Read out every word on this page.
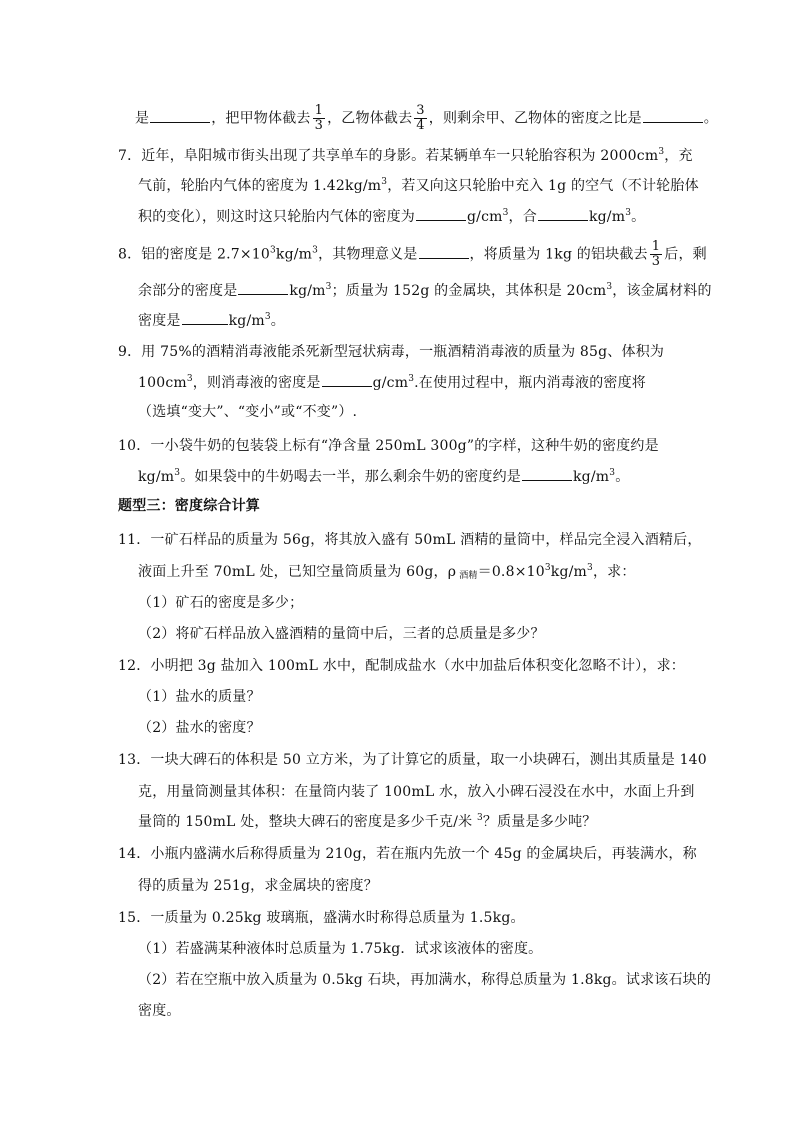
是	，把甲物体截去 $\frac{1}{3}$ ，乙物体截去 $\frac{3}{4}$ ，则剩余甲、乙物体的密度之比是	。
7．近年，阜阳城市街头出现了共享单车的身影。若某辆单车一只轮胎容积为 $2000cm^3$，充
气前，轮胎内气体的密度为 $1.42kg/m^3$，若又向这只轮胎中充入 1g 的空气（不计轮胎体
积的变化），则这时这只轮胎内气体的密度为	$g/cm^3$，合	$kg/m^3$。
8．铝的密度是 $2.7\times 10^3kg/m^3$，其物理意义是	，将质量为 1kg 的铝块截去 $\frac{1}{3}$ 后，剩
余部分的密度是	$kg/m^3$；质量为 152g 的金属块，其体积是 $20cm^3$，该金属材料的
密度是	$kg/m^3$。
9．用 75%的酒精消毒液能杀死新型冠状病毒，一瓶酒精消毒液的质量为 85g、体积为
$100cm^3$，则消毒液的密度是	$g/cm^3$.在使用过程中，瓶内消毒液的密度将
（选填“变大”、“变小”或“不变”）.
10．一小袋牛奶的包装袋上标有“净含量 250mL 300g”的字样，这种牛奶的密度约是
$kg/m^3$。如果袋中的牛奶喝去一半，那么剩余牛奶的密度约是	$kg/m^3$。
题型三：密度综合计算
11．一矿石样品的质量为 56g，将其放入盛有 50mL 酒精的量筒中，样品完全浸入酒精后，
液面上升至 70mL 处，已知空量筒质量为 60g，ρ $_{酒精}=0.8\times 10^3kg/m^3$，求：
（1）矿石的密度是多少；
（2）将矿石样品放入盛酒精的量筒中后，三者的总质量是多少？
12．小明把 3g 盐加入 100mL 水中，配制成盐水（水中加盐后体积变化忽略不计），求：
（1）盐水的质量？
（2）盐水的密度？
13．一块大碑石的体积是 50 立方米，为了计算它的质量，取一小块碑石，测出其质量是 140
克，用量筒测量其体积：在量筒内装了 100mL 水，放入小碑石浸没在水中，水面上升到
量筒的 150mL 处，整块大碑石的密度是多少千克/米 $^3$？质量是多少吨？
14．小瓶内盛满水后称得质量为 210g，若在瓶内先放一个 45g 的金属块后，再装满水，称
得的质量为 251g，求金属块的密度？
15．一质量为 0.25kg 玻璃瓶，盛满水时称得总质量为 1.5kg。
（1）若盛满某种液体时总质量为 1.75kg．试求该液体的密度。
（2）若在空瓶中放入质量为 0.5kg 石块，再加满水，称得总质量为 1.8kg。试求该石块的
密度。
